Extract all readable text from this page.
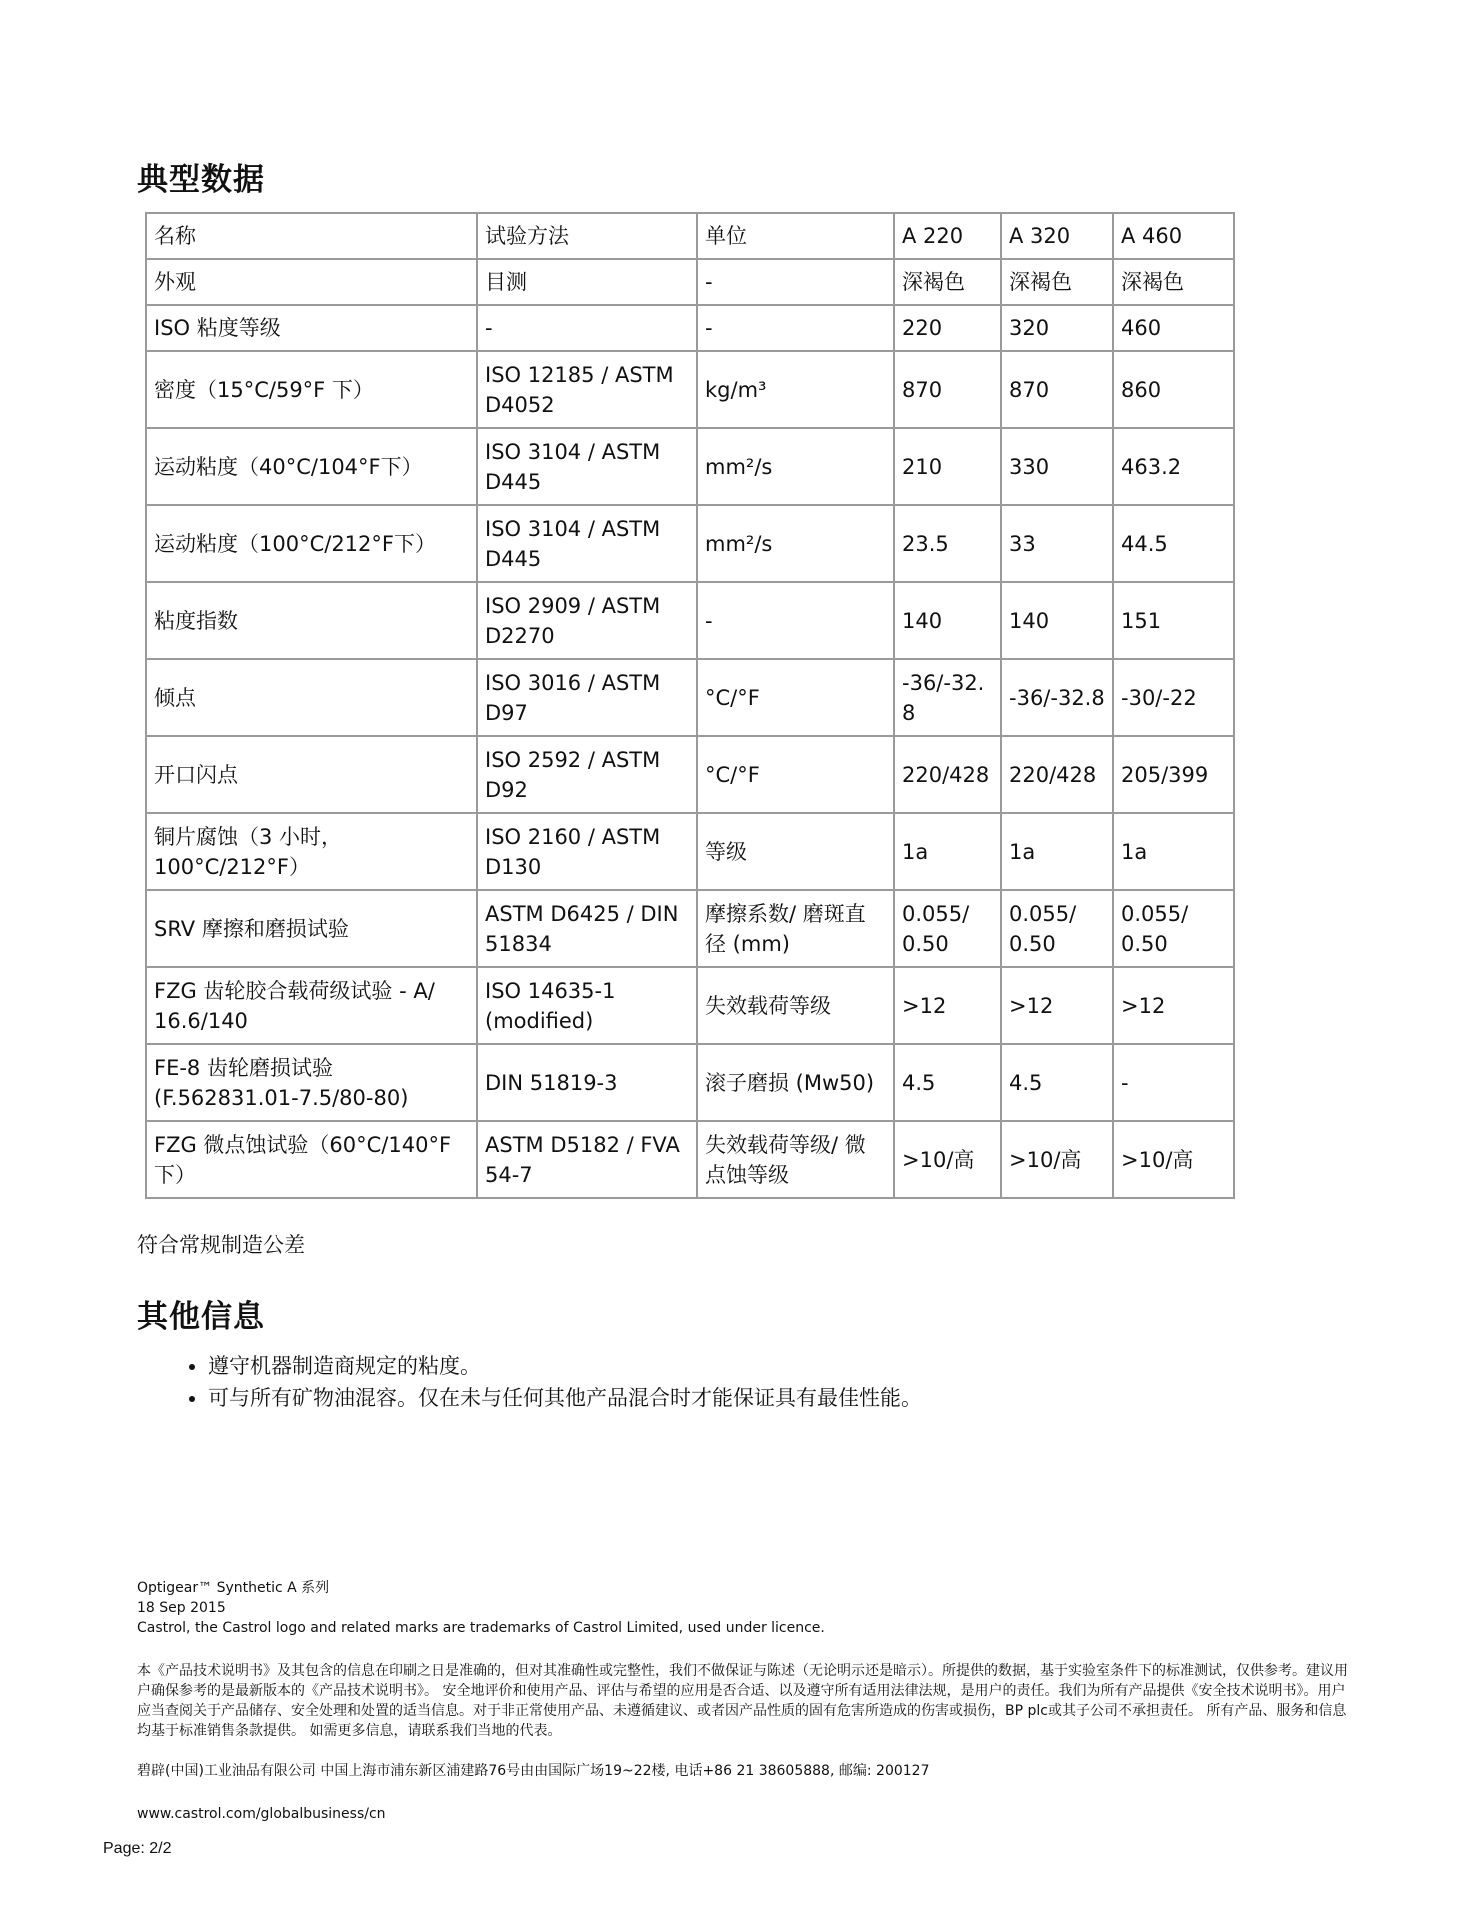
典型数据
名称	试验方法	单位	A 220	A 320	A 460
外观	目测	-	深褐色	深褐色	深褐色
ISO 粘度等级	-	-	220	320	460
密度（15°C/59°F 下）	ISO 12185 / ASTM D4052	kg/m³	870	870	860
运动粘度（40°C/104°F下）	ISO 3104 / ASTM D445	mm²/s	210	330	463.2
运动粘度（100°C/212°F下）	ISO 3104 / ASTM D445	mm²/s	23.5	33	44.5
粘度指数	ISO 2909 / ASTM D2270	-	140	140	151
倾点	ISO 3016 / ASTM D97	°C/°F	-36/-32.8	-36/-32.8	-30/-22
开口闪点	ISO 2592 / ASTM D92	°C/°F	220/428	220/428	205/399
铜片腐蚀（3 小时，100°C/212°F）	ISO 2160 / ASTM D130	等级	1a	1a	1a
SRV 摩擦和磨损试验	ASTM D6425 / DIN 51834	摩擦系数/ 磨斑直径 (mm)	0.055/ 0.50	0.055/ 0.50	0.055/ 0.50
FZG 齿轮胶合载荷级试验 - A/ 16.6/140	ISO 14635-1 (modified)	失效载荷等级	>12	>12	>12
FE-8 齿轮磨损试验 (F.562831.01-7.5/80-80)	DIN 51819-3	滚子磨损 (Mw50)	4.5	4.5	-
FZG 微点蚀试验（60°C/140°F下）	ASTM D5182 / FVA 54-7	失效载荷等级/ 微点蚀等级	>10/高	>10/高	>10/高
符合常规制造公差
其他信息
• 遵守机器制造商规定的粘度。
• 可与所有矿物油混容。仅在未与任何其他产品混合时才能保证具有最佳性能。
Optigear™ Synthetic A 系列
18 Sep 2015
Castrol, the Castrol logo and related marks are trademarks of Castrol Limited, used under licence.
本《产品技术说明书》及其包含的信息在印刷之日是准确的，但对其准确性或完整性，我们不做保证与陈述（无论明示还是暗示）。所提供的数据，基于实验室条件下的标准测试，仅供参考。建议用户确保参考的是最新版本的《产品技术说明书》。 安全地评价和使用产品、评估与希望的应用是否合适、以及遵守所有适用法律法规，是用户的责任。我们为所有产品提供《安全技术说明书》。用户应当查阅关于产品储存、安全处理和处置的适当信息。对于非正常使用产品、未遵循建议、或者因产品性质的固有危害所造成的伤害或损伤，BP plc或其子公司不承担责任。 所有产品、服务和信息均基于标准销售条款提供。 如需更多信息，请联系我们当地的代表。
碧辟(中国)工业油品有限公司 中国上海市浦东新区浦建路76号由由国际广场19~22楼, 电话+86 21 38605888, 邮编: 200127
www.castrol.com/globalbusiness/cn
Page: 2/2
